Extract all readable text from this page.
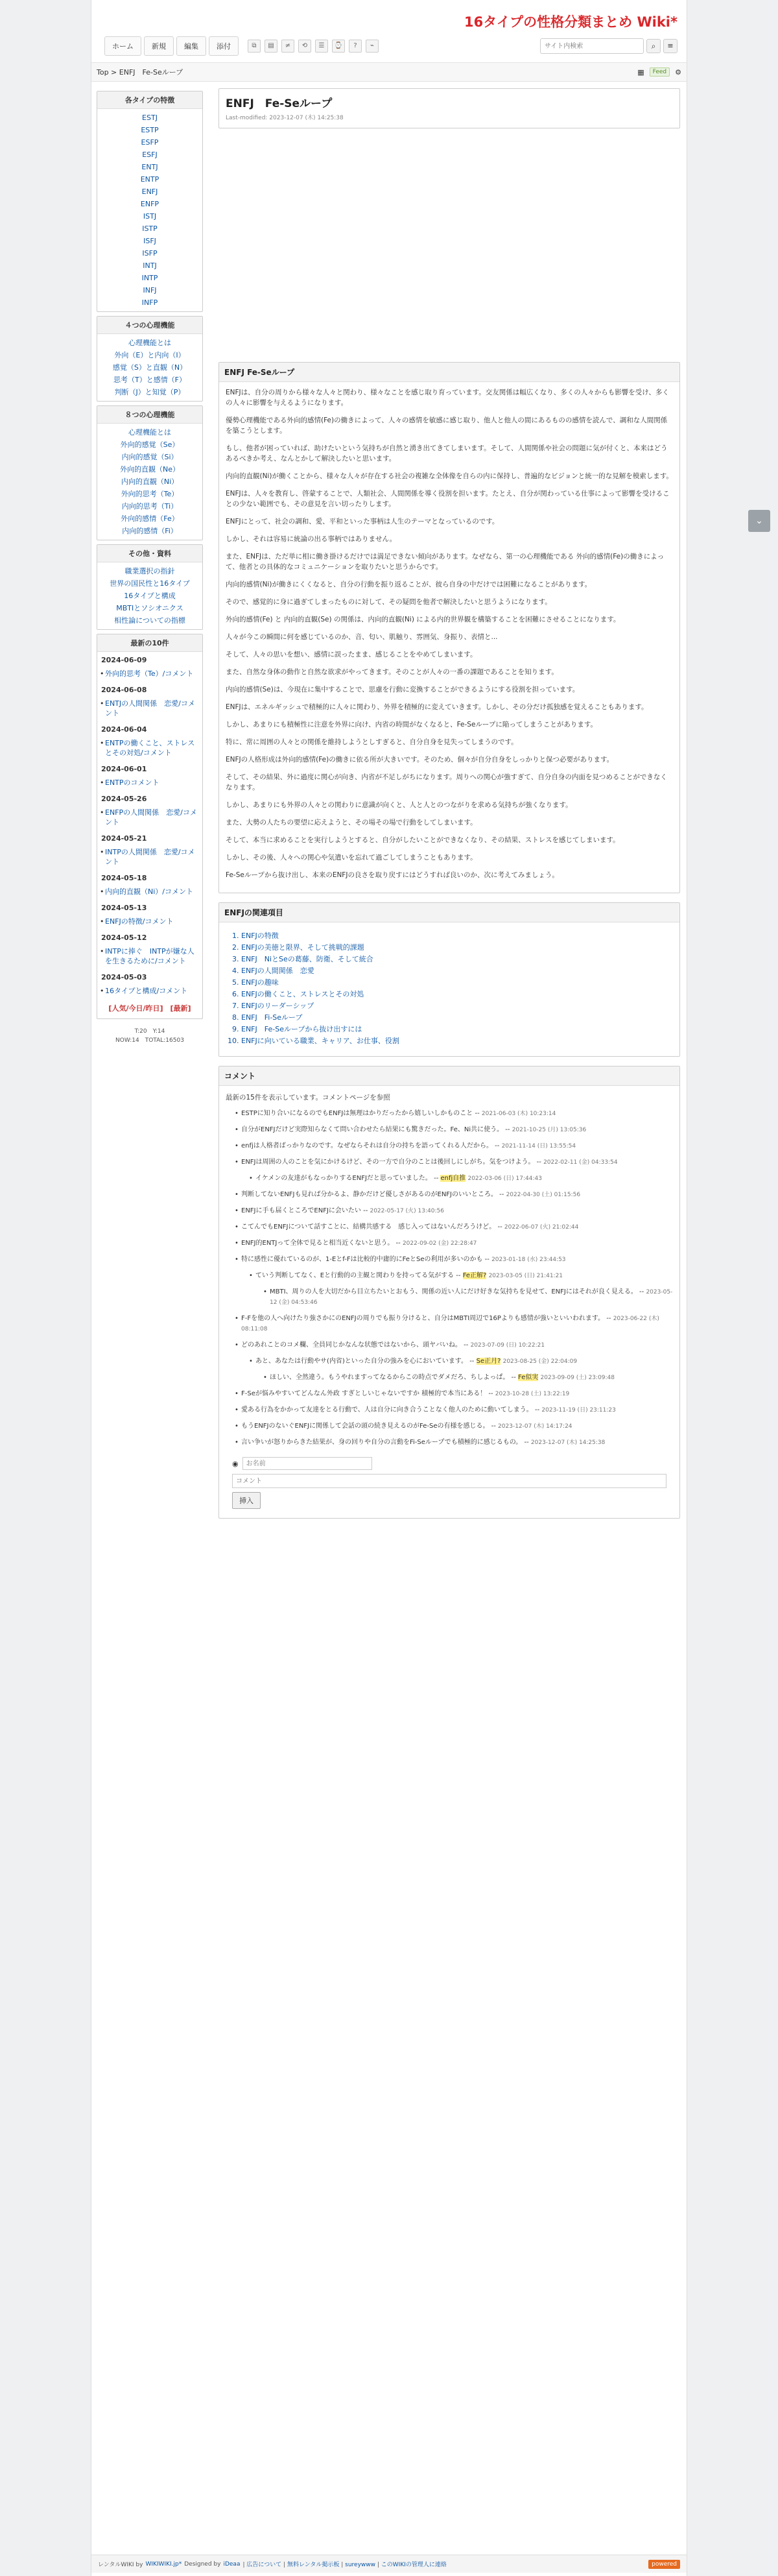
16タイプの性格分類まとめ Wiki*
ホーム	新規	編集	添付	⧉	▤	≠	⟲	☰	⌚	?	⌁
サイト内検索	⌕	≡
Top > ENFJ　Fe-Seループ	▦	Feed	⚙
各タイプの特徴
ESTJ
ESTP
ESFP
ESFJ
ENTJ
ENTP
ENFJ
ENFP
ISTJ
ISTP
ISFJ
ISFP
INTJ
INTP
INFJ
INFP
４つの心理機能
心理機能とは
外向（E）と内向（I）
感覚（S）と直観（N）
思考（T）と感情（F）
判断（J）と知覚（P）
８つの心理機能
心理機能とは
外向的感覚（Se）
内向的感覚（Si）
外向的直観（Ne）
内向的直観（Ni）
外向的思考（Te）
内向的思考（Ti）
外向的感情（Fe）
内向的感情（Fi）
その他・資料
職業選択の指針
世界の国民性と16タイプ
16タイプと構成
MBTIとソシオニクス
相性論についての指標
最新の10件
2024-06-09
• 外向的思考（Te）/コメント
2024-06-08
• ENTJの人間関係　恋愛/コメント
2024-06-04
• ENTPの働くこと、ストレスとその対処/コメント
2024-06-01
• ENTPのコメント
2024-05-26
• ENFPの人間関係　恋愛/コメント
2024-05-21
• INTPの人間関係　恋愛/コメント
2024-05-18
• 内向的直観（Ni）/コメント
2024-05-13
• ENFJの特徴/コメント
2024-05-12
• INTPに捧ぐ　INTPが嫌な人を生きるために/コメント
2024-05-03
• 16タイプと構成/コメント
[人気/今日/昨日]　[最新]
T:20　Y:14
NOW:14　TOTAL:16503
ENFJ　Fe-Seループ
Last-modified: 2023-12-07 (木) 14:25:38
ENFJ Fe-Seループ

ENFJは、自分の周りから様々な人々と関わり、様々なことを感じ取り育っています。交友関係は幅広くなり、多くの人々からも影響を受け、多くの人々に影響を与えるようになります。

優勢心理機能である外向的感情(Fe)の働きによって、人々の感情を敏感に感じ取り、他人と他人の間にあるものの感情を読んで、調和な人間関係を築こうとします。

もし、他者が困っていれば、助けたいという気持ちが自然と湧き出てきてしまいます。そして、人間関係や社会の問題に気が付くと、本来はどうあるべきか考え、なんとかして解決したいと思います。

内向的直観(Ni)が働くことから、様々な人々が存在する社会の複雑な全体像を自らの内に保持し、普遍的なビジョンと統一的な見解を模索します。

ENFJは、人々を教育し、啓蒙することで、人類社会、人間関係を導く役割を担います。たとえ、自分が関わっている仕事によって影響を受けることの少ない範囲でも、その意見を言い切ったりします。

ENFJにとって、社会の調和、愛、平和といった事柄は人生のテーマとなっているのです。

しかし、それは容易に統論の出る事柄ではありません。

また、ENFJは、ただ単に相に働き掛けるだけでは満足できない傾向があります。なぜなら、第一の心理機能である 外向的感情(Fe)の働きによって、他者との具体的なコミュニケーションを取りたいと思うからです。

内向的感情(Ni)が働きにくくなると、自分の行動を振り返ることが、彼ら自身の中だけでは困難になることがあります。

そので、感覚的に身に過ぎてしまったものに対して、その疑問を他者で解決したいと思うようになります。

外向的感情(Fe) と 内向的直観(Se) の関係は、内向的直観(Ni) による内的世界観を構築することを困難にさせることになります。

人々が今この瞬間に何を感じているのか、音、匂い、肌触り、雰囲気、身振り、表情と...

そして、人々の思いを想い、感情に誤ったまま、感じることをやめてしまいます。

また、自然な身体の動作と自然な欲求がやってきます。そのことが人々の一番の課題であることを知ります。

内向的感情(Se)は、今現在に集中することで、思慮を行動に変換することができるようにする役割を担っています。

ENFJは、エネルギッシュで積極的に人々に関わり、外界を積極的に変えていきます。しかし、その分だけ孤独感を覚えることもあります。

しかし、あまりにも積極性に注意を外界に向け、内省の時間がなくなると、Fe-Seループに陥ってしまうことがあります。

特に、常に周囲の人々との関係を維持しようとしすぎると、自分自身を見失ってしまうのです。

ENFJの人格形成は外向的感情(Fe)の働きに依る所が大きいです。そのため、個々が自分自身をしっかりと保つ必要があります。

そして、その結果、外に過度に関心が向き、内省が不足しがちになります。周りへの関心が強すぎて、自分自身の内面を見つめることができなくなります。

しかし、あまりにも外界の人々との関わりに意識が向くと、人と人とのつながりを求める気持ちが強くなります。

また、大勢の人たちの要望に応えようと、その場その場で行動をしてしまいます。

そして、本当に求めることを実行しようとすると、自分がしたいことができなくなり、その結果、ストレスを感じてしまいます。

しかし、その後、人々への関心や気遣いを忘れて過ごしてしまうこともあります。

Fe-Seループから抜け出し、本来のENFJの良さを取り戻すにはどうすれば良いのか、次に考えてみましょう。

ENFJの関連項目
1. ENFJの特徴
2. ENFJの美徳と限界、そして挑戦的課題
3. ENFJ　NiとSeの葛藤、防衛、そして統合
4. ENFJの人間関係　恋愛
5. ENFJの趣味
6. ENFJの働くこと、ストレスとその対処
7. ENFJのリーダーシップ
8. ENFJ　Fi-Seループ
9. ENFJ　Fe-Seループから抜け出すには
10. ENFJに向いている職業、キャリア、お仕事、役割
コメント
最新の15件を表示しています。コメントページを参照
• ESTPに知り合いになるのでもENFJは無理はかりだったから嬉しいしかものこと -- 2021-06-03 (木) 10:23:14
• 自分がENFJだけど実際知らなくて問い合わせたら結果にも驚きだった。Fe、Ni共に使う。 -- 2021-10-25 (月) 13:05:36
• enfjは人格者ばっかりなのです。なぜならそれは自分の持ちを語ってくれる人だから。 -- 2021-11-14 (日) 13:55:54
• ENFJは周囲の人のことを気にかけるけど、その一方で自分のことは後回しにしがち。気をつけよう。 -- 2022-02-11 (金) 04:33:54
• イケメンの友達がもなっかりするENFJだと思っていました。 -- enfj自推 2022-03-06 (日) 17:44:43
• 判断してないENFJも見れば分かるよ、静かだけど優しさがあるのがENFJのいいところ。 -- 2022-04-30 (土) 01:15:56
• ENFJに手も届くところでENFJに会いたい -- 2022-05-17 (火) 13:40:56
• こてんでもENFJについて話すことに、結構共感する　感じ入ってはないんだろうけど。 -- 2022-06-07 (火) 21:02:44
• ENFJ的ENTJって全体で見ると相当近くないと思う。 -- 2022-09-02 (金) 22:28:47
• 特に感性に優れているのが、1-Eとf-Fは比較的中庸的にFeとSeの利用が多いのかも -- 2023-01-18 (水) 23:44:53
• ていう判断してなく、Eと行動的の主観と関わりを持ってる気がする -- Fe正解? 2023-03-05 (日) 21:41:21
• MBTI、周りの人を大切だから目立ちたいとおもう、関係の近い人にだけ好きな気持ちを見せて、ENFJにはそれが良く見える。 -- 2023-05-12 (金) 04:53:46
• F-Fを他の人へ向けたり強さかにのENFJの周りでも振り分けると、自分はMBTI周辺で16Pよりも感情が強いといいわれます。 -- 2023-06-22 (木) 08:11:08
• どのあれことのコメ欄、全員同じかなんな状態ではないから、頭ヤバいね。 -- 2023-07-09 (日) 10:22:21
• あと、あなたは行動やサ(内省)といった自分の強みを心においています。 -- Se正月? 2023-08-25 (金) 22:04:09
• ほしい、全然違う。もうやれますってなるからこの時点でダメだろ、ちしよっぱ。 -- Fe似実 2023-09-09 (土) 23:09:48
• F-Seが悩みやすいてどんなん外政 すぎとしいじゃないですか 積極的で本当にある！ -- 2023-10-28 (土) 13:22:19
• 愛ある行為をかかって友達をとる行動で、人は自分に向き合うことなく他人のために動いてしまう。 -- 2023-11-19 (日) 23:11:23
• もうENFJのないぐENFJに関係して会話の頭の続き見えるのがFe-Seの有様を感じる。 -- 2023-12-07 (木) 14:17:24
• 言い争いが怒りからきた結果が、身の回りや自分の言動をFi-Seループでも積極的に感じるもの。 -- 2023-12-07 (木) 14:25:38
◉
お名前
コメント
挿入
レンタルWIKI by WIKIWIKI.jp* Designed by iDeaa | 広告について | 無料レンタル掲示板 | sureywww | このWIKIの管理人に連絡	powered
⌄
